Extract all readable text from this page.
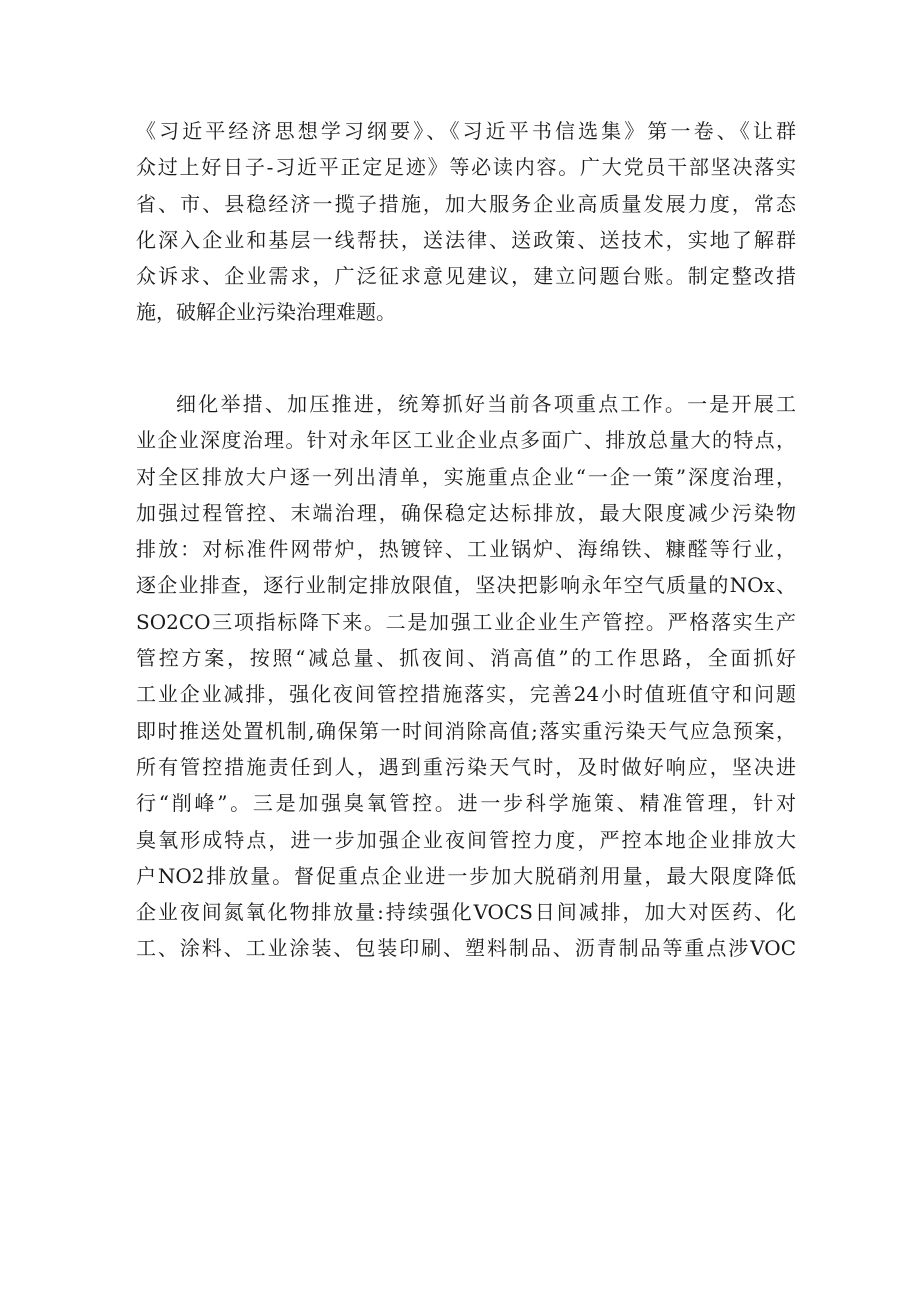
《习近平经济思想学习纲要》、《习近平书信选集》第一卷、《让群
众过上好日子-习近平正定足迹》等必读内容。广大党员干部坚决落实
省、市、县稳经济一揽子措施，加大服务企业高质量发展力度，常态
化深入企业和基层一线帮扶，送法律、送政策、送技术，实地了解群
众诉求、企业需求，广泛征求意见建议，建立问题台账。制定整改措
施，破解企业污染治理难题。
细化举措、加压推进，统筹抓好当前各项重点工作。一是开展工
业企业深度治理。针对永年区工业企业点多面广、排放总量大的特点，
对全区排放大户逐一列出清单，实施重点企业“一企一策”深度治理，
加强过程管控、末端治理，确保稳定达标排放，最大限度减少污染物
排放：对标准件网带炉，热镀锌、工业锅炉、海绵铁、糠醛等行业，
逐企业排查，逐行业制定排放限值，坚决把影响永年空气质量的NOx、
SO2CO三项指标降下来。二是加强工业企业生产管控。严格落实生产
管控方案，按照“减总量、抓夜间、消高值”的工作思路，全面抓好
工业企业减排，强化夜间管控措施落实，完善24小时值班值守和问题
即时推送处置机制,确保第一时间消除高值;落实重污染天气应急预案，
所有管控措施责任到人，遇到重污染天气时，及时做好响应，坚决进
行“削峰”。三是加强臭氧管控。进一步科学施策、精准管理，针对
臭氧形成特点，进一步加强企业夜间管控力度，严控本地企业排放大
户NO2排放量。督促重点企业进一步加大脱硝剂用量，最大限度降低
企业夜间氮氧化物排放量:持续强化VOCS日间减排，加大对医药、化
工、涂料、工业涂装、包装印刷、塑料制品、沥青制品等重点涉VOC
